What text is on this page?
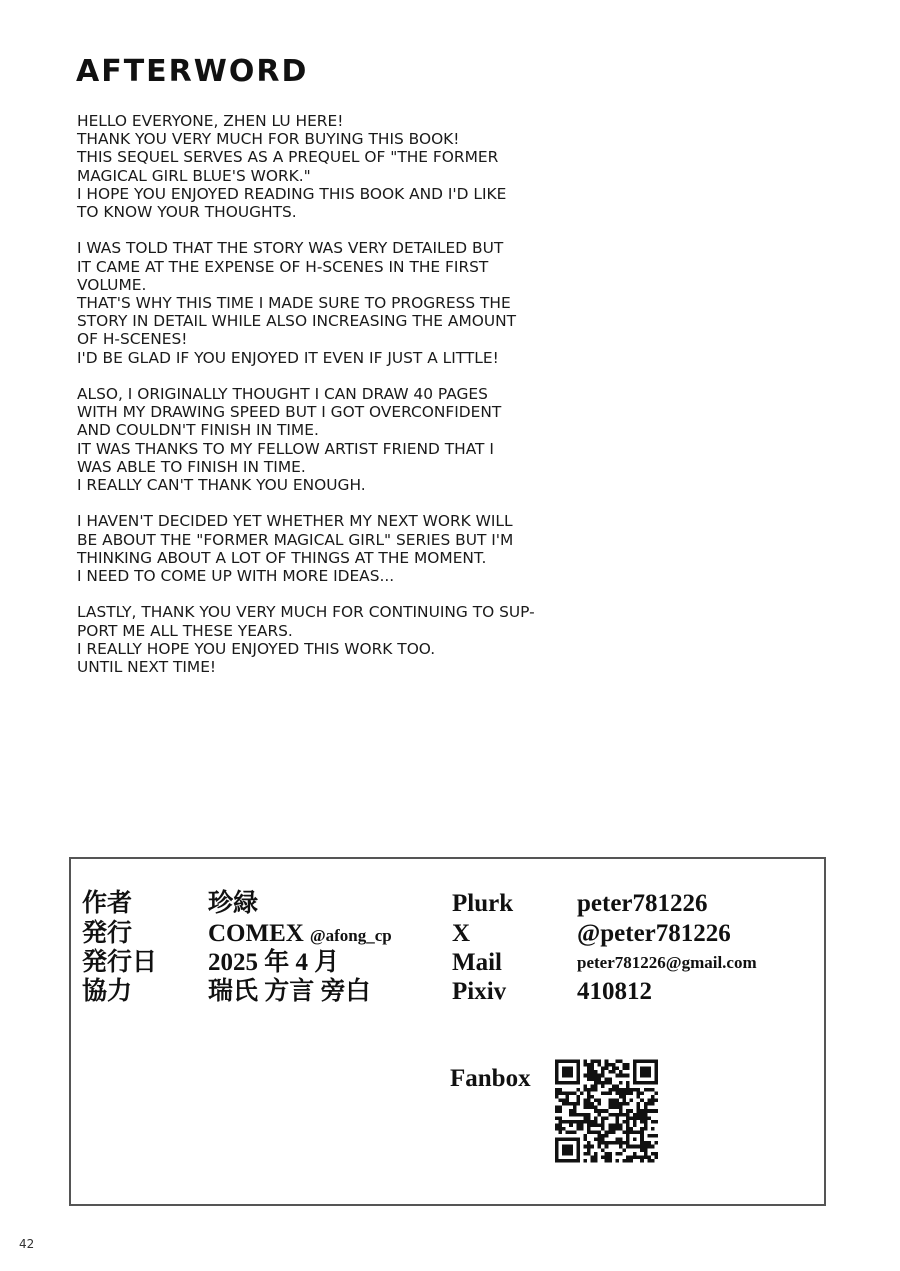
AFTERWORD

HELLO EVERYONE, ZHEN LU HERE!
THANK YOU VERY MUCH FOR BUYING THIS BOOK!
THIS SEQUEL SERVES AS A PREQUEL OF "THE FORMER
MAGICAL GIRL BLUE'S WORK."
I HOPE YOU ENJOYED READING THIS BOOK AND I'D LIKE
TO KNOW YOUR THOUGHTS.

I WAS TOLD THAT THE STORY WAS VERY DETAILED BUT
IT CAME AT THE EXPENSE OF H-SCENES IN THE FIRST
VOLUME.
THAT'S WHY THIS TIME I MADE SURE TO PROGRESS THE
STORY IN DETAIL WHILE ALSO INCREASING THE AMOUNT
OF H-SCENES!
I'D BE GLAD IF YOU ENJOYED IT EVEN IF JUST A LITTLE!

ALSO, I ORIGINALLY THOUGHT I CAN DRAW 40 PAGES
WITH MY DRAWING SPEED BUT I GOT OVERCONFIDENT
AND COULDN'T FINISH IN TIME.
IT WAS THANKS TO MY FELLOW ARTIST FRIEND THAT I
WAS ABLE TO FINISH IN TIME.
I REALLY CAN'T THANK YOU ENOUGH.

I HAVEN'T DECIDED YET WHETHER MY NEXT WORK WILL
BE ABOUT THE "FORMER MAGICAL GIRL" SERIES BUT I'M
THINKING ABOUT A LOT OF THINGS AT THE MOMENT.
I NEED TO COME UP WITH MORE IDEAS...

LASTLY, THANK YOU VERY MUCH FOR CONTINUING TO SUP-
PORT ME ALL THESE YEARS.
I REALLY HOPE YOU ENJOYED THIS WORK TOO.
UNTIL NEXT TIME!

作者	珍緑
発行	COMEX @afong_cp
発行日 2025 年 4 月
協力	瑞氏 方言 旁白
Plurk	peter781226
X	@peter781226
Mail	peter781226@gmail.com
Pixiv	410812
Fanbox
42
